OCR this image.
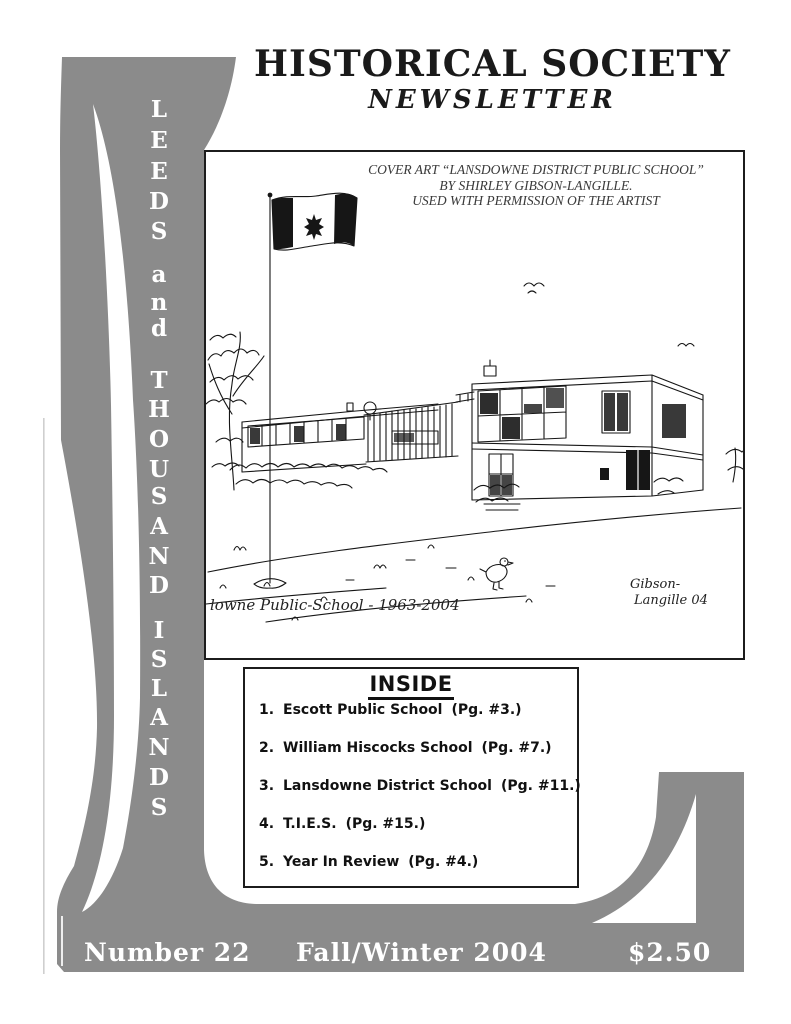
L
E
E
D
S
a
n
d
T
H
O
U
S
A
N
D
I
S
L
A
N
D
S
HISTORICAL SOCIETY
NEWSLETTER
lowne Public-School - 1963-2004
Gibson-
Langille 04
COVER ART “LANSDOWNE DISTRICT PUBLIC SCHOOL”
BY SHIRLEY GIBSON-LANGILLE.
USED WITH PERMISSION OF THE ARTIST
INSIDE
1. Escott Public School (Pg. #3.)
2. William Hiscocks School (Pg. #7.)
3. Lansdowne District School (Pg. #11.)
4. T.I.E.S. (Pg. #15.)
5. Year In Review (Pg. #4.)
Number 22 Fall/Winter 2004	$2.50
